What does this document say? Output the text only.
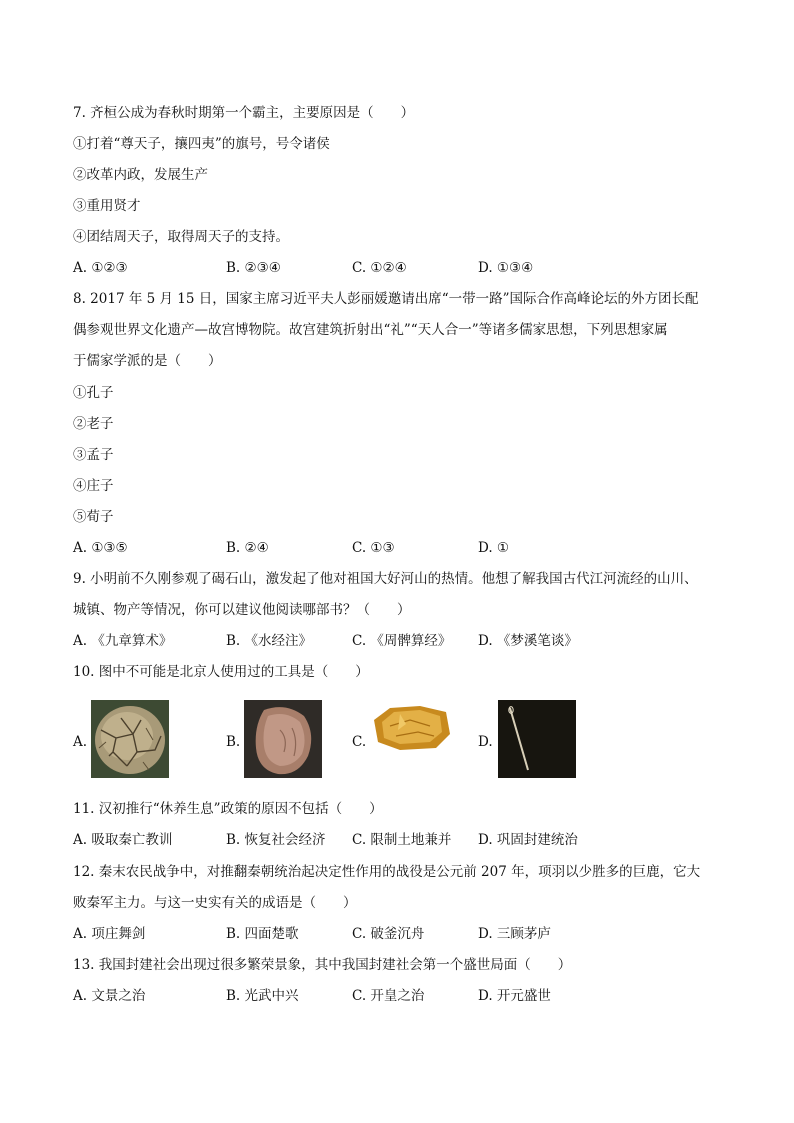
7. 齐桓公成为春秋时期第一个霸主，主要原因是（　　）
①打着“尊天子，攘四夷”的旗号，号令诸侯
②改革内政，发展生产
③重用贤才
④团结周天子，取得周天子的支持。
A. ①②③	B. ②③④	C. ①②④	D. ①③④
8. 2017 年 5 月 15 日，国家主席习近平夫人彭丽媛邀请出席“一带一路”国际合作高峰论坛的外方团长配
偶参观世界文化遗产—故宫博物院。故宫建筑折射出“礼”“天人合一”等诸多儒家思想，下列思想家属
于儒家学派的是（　　）
①孔子
②老子
③孟子
④庄子
⑤荀子
A. ①③⑤	B. ②④	C. ①③	D. ①
9. 小明前不久刚参观了碣石山，激发起了他对祖国大好河山的热情。他想了解我国古代江河流经的山川、
城镇、物产等情况，你可以建议他阅读哪部书？（　　）
A. 《九章算术》	B. 《水经注》	C. 《周髀算经》 D. 《梦溪笔谈》
10. 图中不可能是北京人使用过的工具是（　　）
A.	B.	C.	D.
11. 汉初推行“休养生息”政策的原因不包括（　　）
A. 吸取秦亡教训	B. 恢复社会经济 C. 限制土地兼并 D. 巩固封建统治
12. 秦末农民战争中，对推翻秦朝统治起决定性作用的战役是公元前 207 年，项羽以少胜多的巨鹿，它大
败秦军主力。与这一史实有关的成语是（　　）
A. 项庄舞剑	B. 四面楚歌	C. 破釜沉舟	D. 三顾茅庐
13. 我国封建社会出现过很多繁荣景象，其中我国封建社会第一个盛世局面（　　）
A. 文景之治	B. 光武中兴	C. 开皇之治	D. 开元盛世
